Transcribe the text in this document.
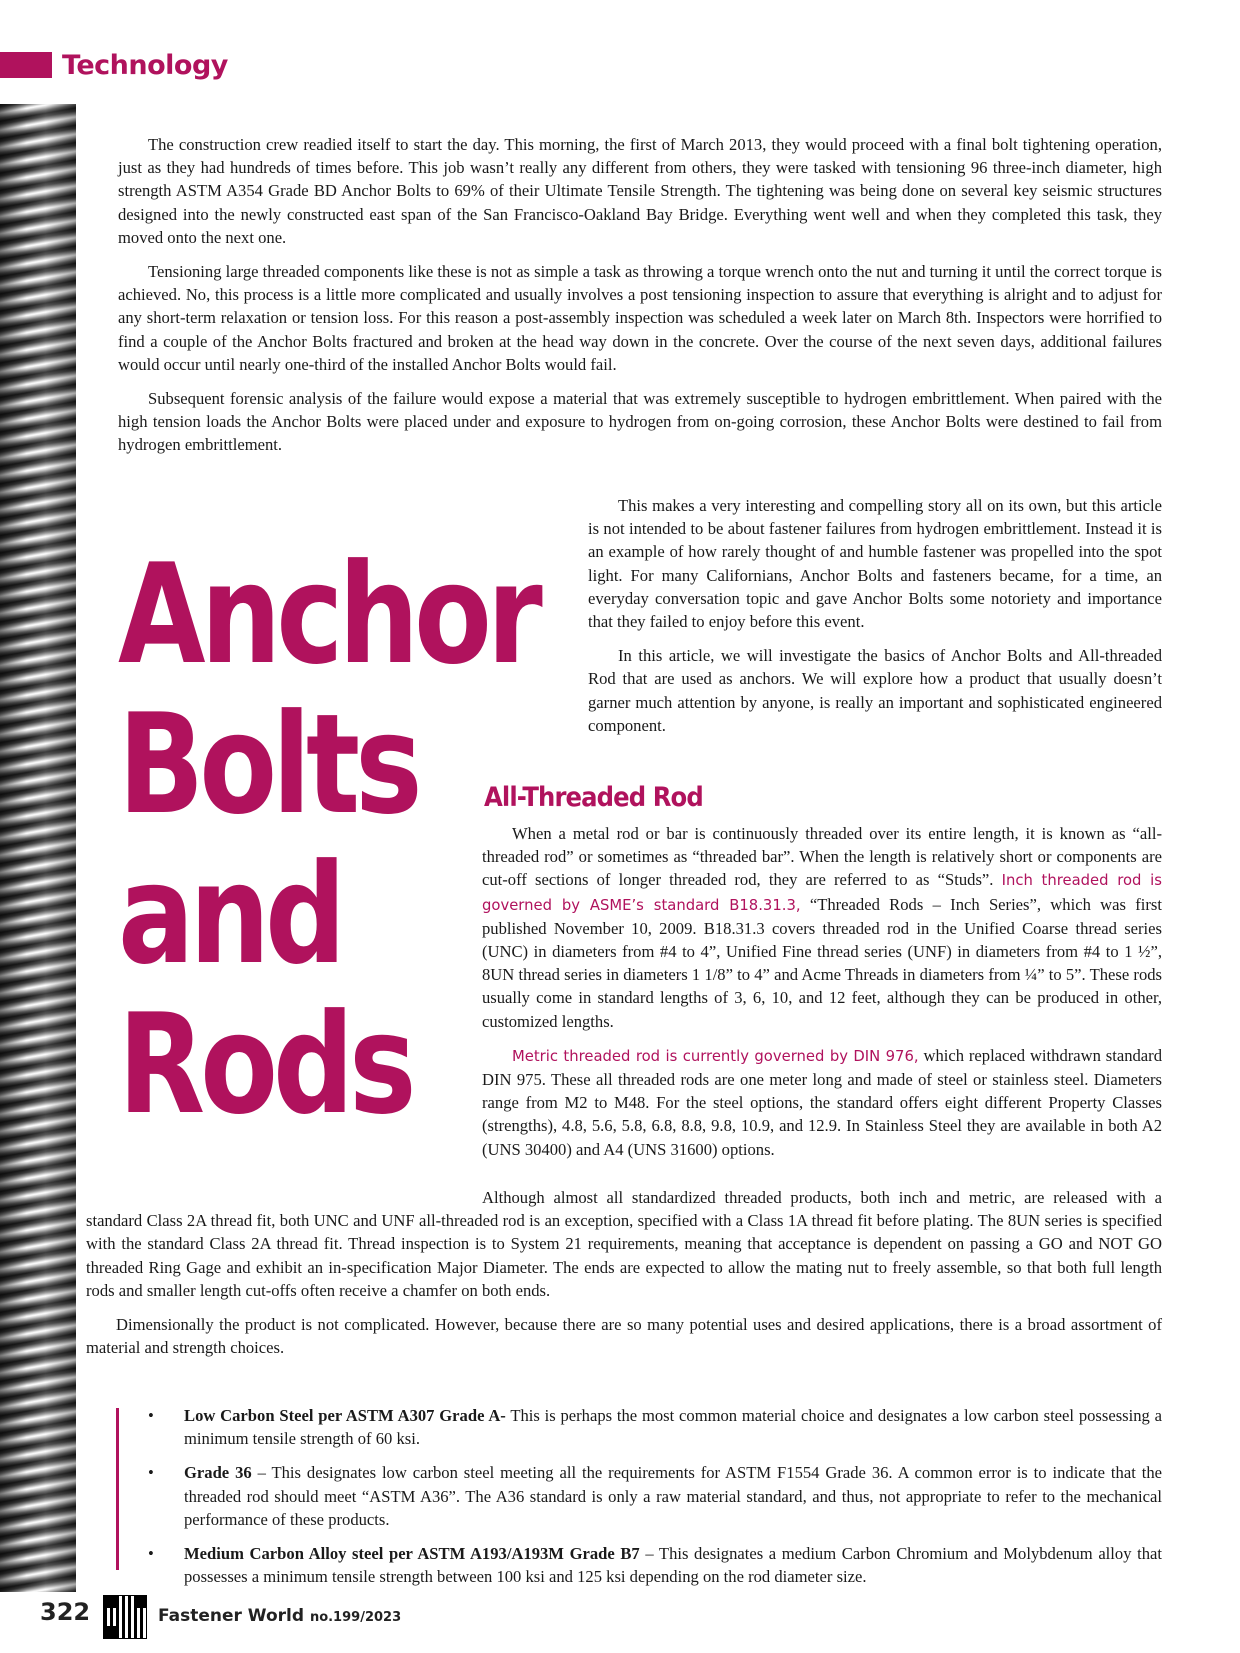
Technology

The construction crew readied itself to start the day. This morning, the first of March 2013, they would proceed with a final bolt tightening operation, just as they had hundreds of times before. This job wasn’t really any different from others, they were tasked with tensioning 96 three-inch diameter, high strength ASTM A354 Grade BD Anchor Bolts to 69% of their Ultimate Tensile Strength. The tightening was being done on several key seismic structures designed into the newly constructed east span of the San Francisco-Oakland Bay Bridge. Everything went well and when they completed this task, they moved onto the next one.

Tensioning large threaded components like these is not as simple a task as throwing a torque wrench onto the nut and turning it until the correct torque is achieved. No, this process is a little more complicated and usually involves a post tensioning inspection to assure that everything is alright and to adjust for any short-term relaxation or tension loss. For this reason a post-assembly inspection was scheduled a week later on March 8th. Inspectors were horrified to find a couple of the Anchor Bolts fractured and broken at the head way down in the concrete. Over the course of the next seven days, additional failures would occur until nearly one-third of the installed Anchor Bolts would fail.

Subsequent forensic analysis of the failure would expose a material that was extremely susceptible to hydrogen embrittlement. When paired with the high tension loads the Anchor Bolts were placed under and exposure to hydrogen from on-going corrosion, these Anchor Bolts were destined to fail from hydrogen embrittlement.

Anchor
Bolts
and
Rods

This makes a very interesting and compelling story all on its own, but this article is not intended to be about fastener failures from hydrogen embrittlement. Instead it is an example of how rarely thought of and humble fastener was propelled into the spot light. For many Californians, Anchor Bolts and fasteners became, for a time, an everyday conversation topic and gave Anchor Bolts some notoriety and importance that they failed to enjoy before this event.

In this article, we will investigate the basics of Anchor Bolts and All-threaded Rod that are used as anchors. We will explore how a product that usually doesn’t garner much attention by anyone, is really an important and sophisticated engineered component.

All-Threaded Rod

When a metal rod or bar is continuously threaded over its entire length, it is known as “all-threaded rod” or sometimes as “threaded bar”. When the length is relatively short or components are cut-off sections of longer threaded rod, they are referred to as “Studs”. Inch threaded rod is governed by ASME’s standard B18.31.3, “Threaded Rods – Inch Series”, which was first published November 10, 2009. B18.31.3 covers threaded rod in the Unified Coarse thread series (UNC) in diameters from #4 to 4”, Unified Fine thread series (UNF) in diameters from #4 to 1 ½”, 8UN thread series in diameters 1 1/8” to 4” and Acme Threads in diameters from ¼” to 5”. These rods usually come in standard lengths of 3, 6, 10, and 12 feet, although they can be produced in other, customized lengths.

Metric threaded rod is currently governed by DIN 976, which replaced withdrawn standard DIN 975. These all threaded rods are one meter long and made of steel or stainless steel. Diameters range from M2 to M48. For the steel options, the standard offers eight different Property Classes (strengths), 4.8, 5.6, 5.8, 6.8, 8.8, 9.8, 10.9, and 12.9. In Stainless Steel they are available in both A2 (UNS 30400) and A4 (UNS 31600) options.

Although almost all standardized threaded products, both inch and metric, are released with a standard Class 2A thread fit, both UNC and UNF all-threaded rod is an exception, specified with a Class 1A thread fit before plating. The 8UN series is specified with the standard Class 2A thread fit. Thread inspection is to System 21 requirements, meaning that acceptance is dependent on passing a GO and NOT GO threaded Ring Gage and exhibit an in-specification Major Diameter. The ends are expected to allow the mating nut to freely assemble, so that both full length rods and smaller length cut-offs often receive a chamfer on both ends.

Dimensionally the product is not complicated. However, because there are so many potential uses and desired applications, there is a broad assortment of material and strength choices.

• Low Carbon Steel per ASTM A307 Grade A- This is perhaps the most common material choice and designates a low carbon steel possessing a minimum tensile strength of 60 ksi.
• Grade 36 – This designates low carbon steel meeting all the requirements for ASTM F1554 Grade 36. A common error is to indicate that the threaded rod should meet “ASTM A36”. The A36 standard is only a raw material standard, and thus, not appropriate to refer to the mechanical performance of these products.
• Medium Carbon Alloy steel per ASTM A193/A193M Grade B7 – This designates a medium Carbon Chromium and Molybdenum alloy that possesses a minimum tensile strength between 100 ksi and 125 ksi depending on the rod diameter size.
322	Fastener World no.199/2023
